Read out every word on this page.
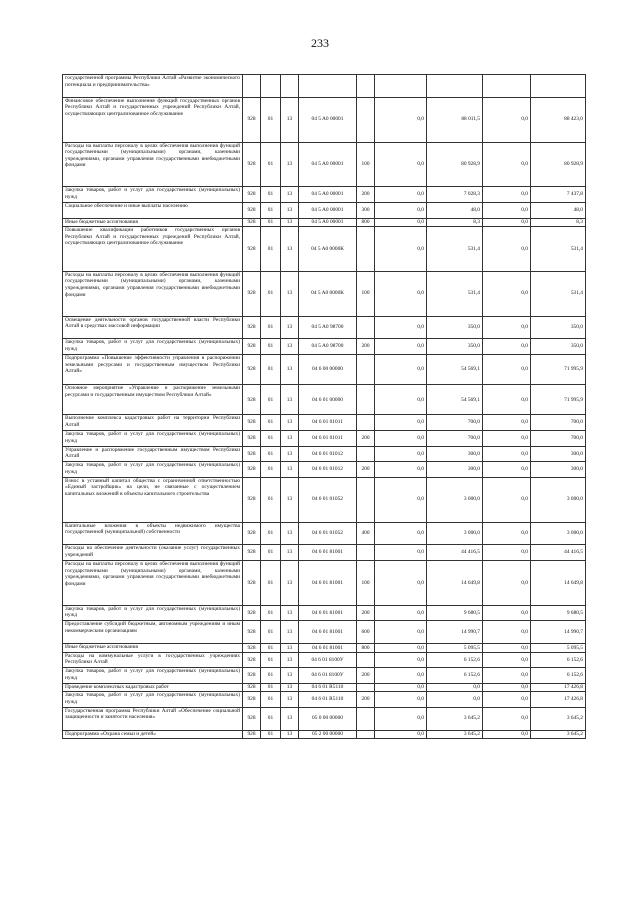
233
государственной программы Республики Алтай «Развитие экономического потенциала и предпринимательства»									
Финансовое обеспечение выполнения функций государственных органов Республики Алтай и государственных учреждений Республики Алтай, осуществляющих централизованное обслуживание	928	01	13	04 5 A0 00001		0,0	88 011,5	0,0	88 423,0
Расходы на выплаты персоналу в целях обеспечения выполнения функций государственными (муниципальными) органами, казенными учреждениями, органами управления государственными внебюджетными фондами	928	01	13	04 5 A0 00001	100	0,0	80 928,9	0,0	80 928,9
Закупка товаров, работ и услуг для государственных (муниципальных) нужд	928	01	13	04 5 A0 00001	200	0,0	7 028,3	0,0	7 437,8
Социальное обеспечение и иные выплаты населению	928	01	13	04 5 A0 00001	300	0,0	48,0	0,0	48,0
Иные бюджетные ассигнования	928	01	13	04 5 A0 00001	800	0,0	8,3	0,0	8,3
Повышение квалификации работников государственных органов Республики Алтай и государственных учреждений Республики Алтай, осуществляющих централизованное обслуживание	928	01	13	04 5 A0 0000К		0,0	531,4	0,0	531,4
Расходы на выплаты персоналу в целях обеспечения выполнения функций государственными (муниципальными) органами, казенными учреждениями, органами управления государственными внебюджетными фондами	928	01	13	04 5 A0 0000К	100	0,0	531,4	0,0	531,4
Освещение деятельности органов государственной власти Республики Алтай в средствах массовой информации	928	01	13	04 5 A0 98700		0,0	350,0	0,0	350,0
Закупка товаров, работ и услуг для государственных (муниципальных) нужд	928	01	13	04 5 A0 98700	200	0,0	350,0	0,0	350,0
Подпрограмма «Повышение эффективности управления в распоряжении земельными ресурсами и государственным имуществом Республики Алтай»	928	01	13	04 6 00 00000		0,0	54 569,1	0,0	71 995,9
Основное мероприятие «Управление и распоряжение земельными ресурсами и государственным имуществом Республики Алтай»	928	01	13	04 6 01 00000		0,0	54 569,1	0,0	71 995,9
Выполнение комплекса кадастровых работ на территории Республики Алтай	928	01	13	04 6 01 01011		0,0	700,0	0,0	700,0
Закупка товаров, работ и услуг для государственных (муниципальных) нужд	928	01	13	04 6 01 01011	200	0,0	700,0	0,0	700,0
Управление и распоряжение государственным имуществом Республики Алтай	928	01	13	04 6 01 01012		0,0	300,0	0,0	300,0
Закупка товаров, работ и услуг для государственных (муниципальных) нужд	928	01	13	04 6 01 01012	200	0,0	300,0	0,0	300,0
Взнос в уставный капитал общества с ограниченной ответственностью «Единый застройщик» на цели, не связанные с осуществлением капитальных вложений в объекты капитального строительства	928	01	13	04 6 01 01052		0,0	3 000,0	0,0	3 000,0
Капитальные вложения в объекты недвижимого имущества государственной (муниципальной) собственности	928	01	13	04 6 01 01052	400	0,0	3 000,0	0,0	3 000,0
Расходы на обеспечение деятельности (оказание услуг) государственных учреждений	928	01	13	04 6 01 81001		0,0	44 416,5	0,0	44 416,5
Расходы на выплаты персоналу в целях обеспечения выполнения функций государственными (муниципальными) органами, казенными учреждениями, органами управления государственными внебюджетными фондами	928	01	13	04 6 01 81001	100	0,0	14 649,8	0,0	14 649,8
Закупка товаров, работ и услуг для государственных (муниципальных) нужд	928	01	13	04 6 01 81001	200	0,0	9 680,5	0,0	9 680,5
Предоставление субсидий бюджетным, автономным учреждениям и иным некоммерческим организациям	928	01	13	04 6 01 81001	600	0,0	14 990,7	0,0	14 990,7
Иные бюджетные ассигнования	928	01	13	04 6 01 81001	800	0,0	5 095,5	0,0	5 095,5
Расходы на коммунальные услуги в государственных учреждениях Республики Алтай	928	01	13	04 6 01 8100У		0,0	6 152,6	0,0	6 152,6
Закупка товаров, работ и услуг для государственных (муниципальных) нужд	928	01	13	04 6 01 8100У	200	0,0	6 152,6	0,0	6 152,6
Проведение комплексных кадастровых работ	928	01	13	04 6 01 R5110		0,0	0,0	0,0	17 426,8
Закупка товаров, работ и услуг для государственных (муниципальных) нужд	928	01	13	04 6 01 R5110	200	0,0	0,0	0,0	17 426,8
Государственная программа Республики Алтай «Обеспечение социальной защищенности и занятости населения»	928	01	13	05 0 00 00000		0,0	3 645,2	0,0	3 645,2
Подпрограмма «Охрана семьи и детей»	928	01	13	05 2 00 00000		0,0	3 645,2	0,0	3 645,2
